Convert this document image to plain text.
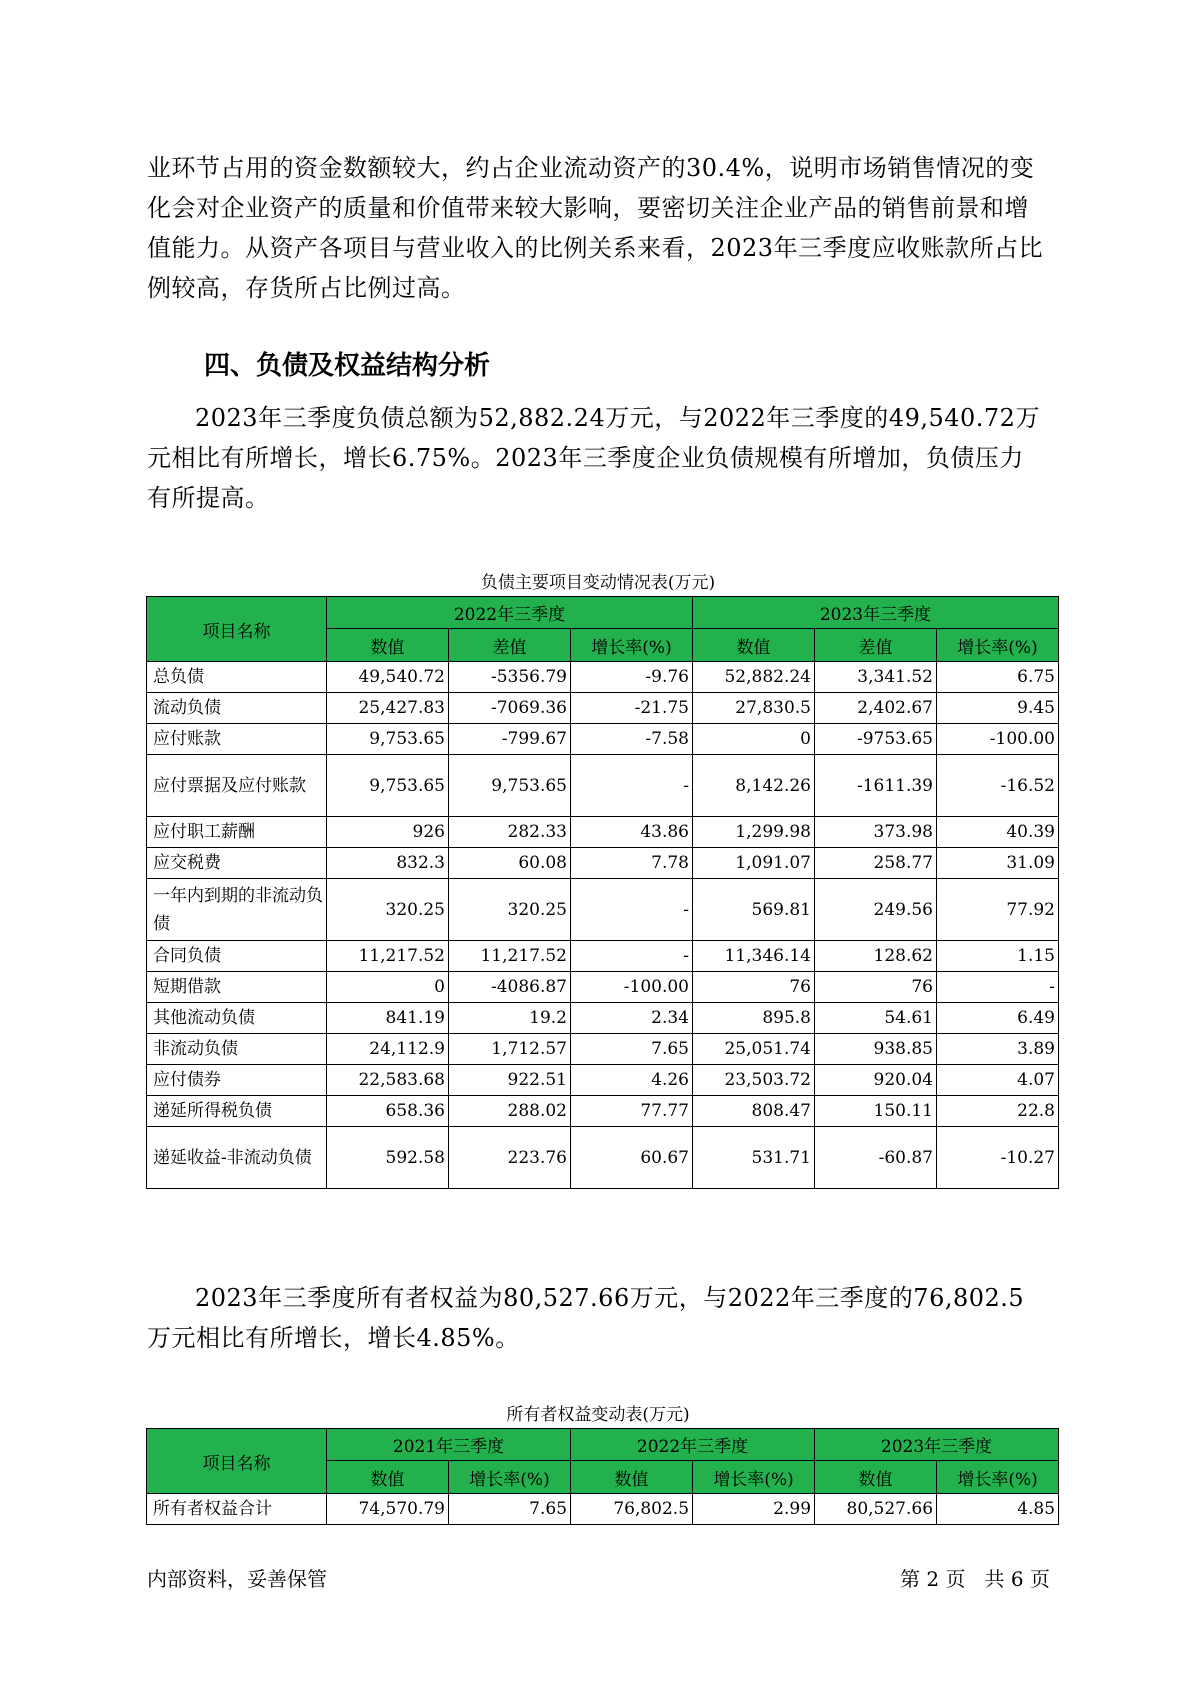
业环节占用的资金数额较大，约占企业流动资产的30.4%，说明市场销售情况的变化会对企业资产的质量和价值带来较大影响，要密切关注企业产品的销售前景和增值能力。从资产各项目与营业收入的比例关系来看，2023年三季度应收账款所占比例较高，存货所占比例过高。

四、负债及权益结构分析

2023年三季度负债总额为52,882.24万元，与2022年三季度的49,540.72万元相比有所增长，增长6.75%。2023年三季度企业负债规模有所增加，负债压力有所提高。

负债主要项目变动情况表(万元)

项目名称	2022年三季度			2023年三季度		
	数值	差值	增长率(%)	数值	差值	增长率(%)
总负债	49,540.72	-5356.79	-9.76	52,882.24	3,341.52	6.75
流动负债	25,427.83	-7069.36	-21.75	27,830.5	2,402.67	9.45
应付账款	9,753.65	-799.67	-7.58	0	-9753.65	-100.00
应付票据及应付账款	9,753.65	9,753.65	-	8,142.26	-1611.39	-16.52
应付职工薪酬	926	282.33	43.86	1,299.98	373.98	40.39
应交税费	832.3	60.08	7.78	1,091.07	258.77	31.09
一年内到期的非流动负债	320.25	320.25	-	569.81	249.56	77.92
合同负债	11,217.52	11,217.52	-	11,346.14	128.62	1.15
短期借款	0	-4086.87	-100.00	76	76	-
其他流动负债	841.19	19.2	2.34	895.8	54.61	6.49
非流动负债	24,112.9	1,712.57	7.65	25,051.74	938.85	3.89
应付债券	22,583.68	922.51	4.26	23,503.72	920.04	4.07
递延所得税负债	658.36	288.02	77.77	808.47	150.11	22.8
递延收益-非流动负债	592.58	223.76	60.67	531.71	-60.87	-10.27

2023年三季度所有者权益为80,527.66万元，与2022年三季度的76,802.5万元相比有所增长，增长4.85%。

所有者权益变动表(万元)

项目名称	2021年三季度		2022年三季度		2023年三季度	
	数值	增长率(%)	数值	增长率(%)	数值	增长率(%)
所有者权益合计	74,570.79	7.65	76,802.5	2.99	80,527.66	4.85
内部资料，妥善保管	第 2 页   共 6 页
